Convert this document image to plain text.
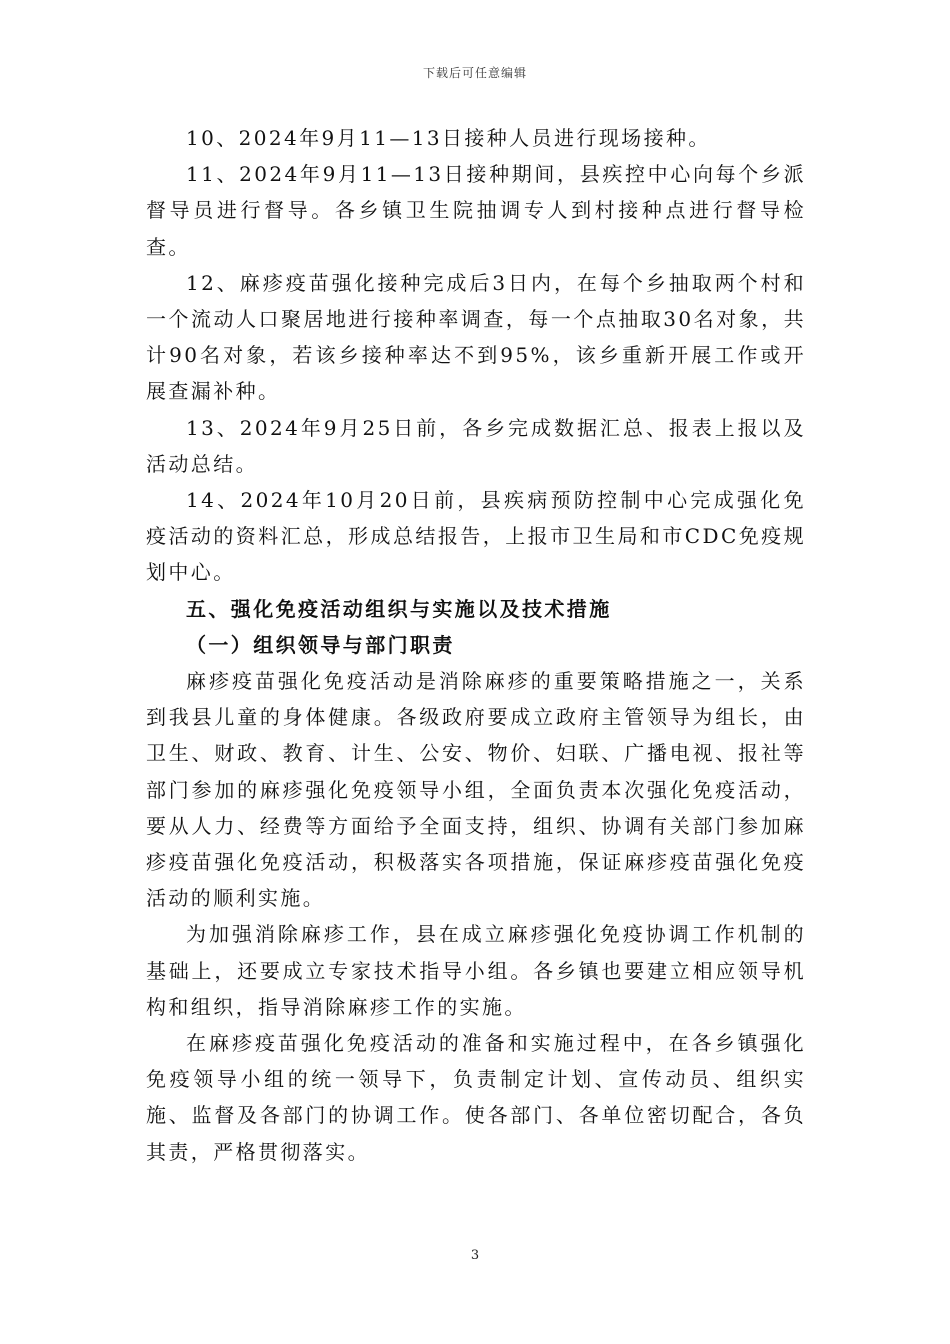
下载后可任意编辑

10、2024年9月11—13日接种人员进行现场接种。

11、2024年9月11—13日接种期间，县疾控中心向每个乡派督导员进行督导。各乡镇卫生院抽调专人到村接种点进行督导检查。

12、麻疹疫苗强化接种完成后3日内，在每个乡抽取两个村和一个流动人口聚居地进行接种率调查，每一个点抽取30名对象，共计90名对象，若该乡接种率达不到95%，该乡重新开展工作或开展查漏补种。

13、2024年9月25日前，各乡完成数据汇总、报表上报以及活动总结。

14、2024年10月20日前，县疾病预防控制中心完成强化免疫活动的资料汇总，形成总结报告，上报市卫生局和市CDC免疫规划中心。

五、强化免疫活动组织与实施以及技术措施

（一）组织领导与部门职责

麻疹疫苗强化免疫活动是消除麻疹的重要策略措施之一，关系到我县儿童的身体健康。各级政府要成立政府主管领导为组长，由卫生、财政、教育、计生、公安、物价、妇联、广播电视、报社等部门参加的麻疹强化免疫领导小组，全面负责本次强化免疫活动，要从人力、经费等方面给予全面支持，组织、协调有关部门参加麻疹疫苗强化免疫活动，积极落实各项措施，保证麻疹疫苗强化免疫活动的顺利实施。

为加强消除麻疹工作，县在成立麻疹强化免疫协调工作机制的基础上，还要成立专家技术指导小组。各乡镇也要建立相应领导机构和组织，指导消除麻疹工作的实施。

在麻疹疫苗强化免疫活动的准备和实施过程中，在各乡镇强化免疫领导小组的统一领导下，负责制定计划、宣传动员、组织实施、监督及各部门的协调工作。使各部门、各单位密切配合，各负其责，严格贯彻落实。

3
